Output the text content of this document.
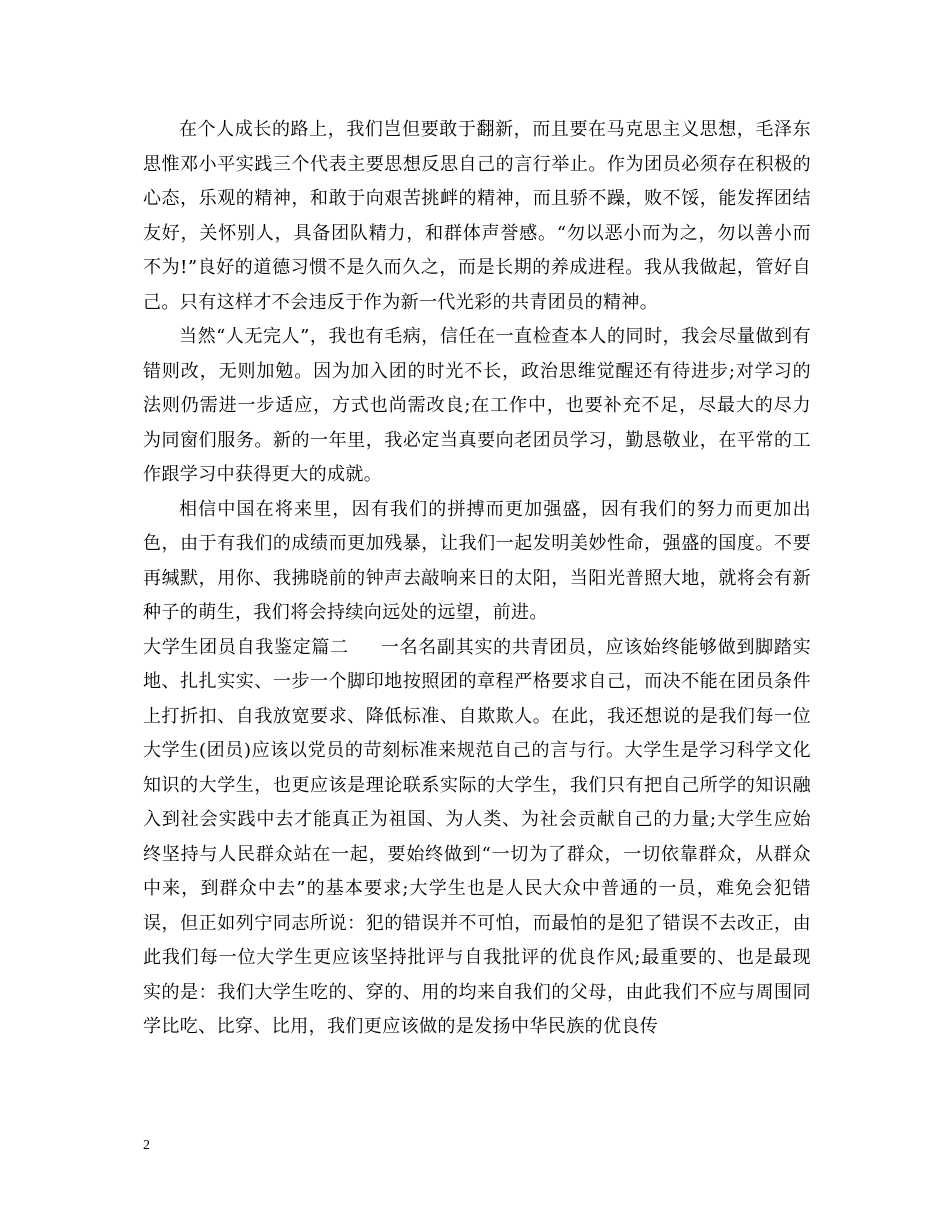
在个人成长的路上，我们岂但要敢于翻新，而且要在马克思主义思想，毛泽东思惟邓小平实践三个代表主要思想反思自己的言行举止。作为团员必须存在积极的心态，乐观的精神，和敢于向艰苦挑衅的精神，而且骄不躁，败不馁，能发挥团结友好，关怀别人，具备团队精力，和群体声誉感。“勿以恶小而为之，勿以善小而不为!”良好的道德习惯不是久而久之，而是长期的养成进程。我从我做起，管好自己。只有这样才不会违反于作为新一代光彩的共青团员的精神。

当然“人无完人”，我也有毛病，信任在一直检查本人的同时，我会尽量做到有错则改，无则加勉。因为加入团的时光不长，政治思维觉醒还有待进步;对学习的法则仍需进一步适应，方式也尚需改良;在工作中，也要补充不足，尽最大的尽力为同窗们服务。新的一年里，我必定当真要向老团员学习，勤恳敬业，在平常的工作跟学习中获得更大的成就。

相信中国在将来里，因有我们的拼搏而更加强盛，因有我们的努力而更加出色，由于有我们的成绩而更加残暴，让我们一起发明美妙性命，强盛的国度。不要再缄默，用你、我拂晓前的钟声去敲响来日的太阳，当阳光普照大地，就将会有新种子的萌生，我们将会持续向远处的远望，前进。

大学生团员自我鉴定篇二 一名名副其实的共青团员，应该始终能够做到脚踏实地、扎扎实实、一步一个脚印地按照团的章程严格要求自己，而决不能在团员条件上打折扣、自我放宽要求、降低标准、自欺欺人。在此，我还想说的是我们每一位大学生(团员)应该以党员的苛刻标准来规范自己的言与行。大学生是学习科学文化知识的大学生，也更应该是理论联系实际的大学生，我们只有把自己所学的知识融入到社会实践中去才能真正为祖国、为人类、为社会贡献自己的力量;大学生应始终坚持与人民群众站在一起，要始终做到“一切为了群众，一切依靠群众，从群众中来，到群众中去”的基本要求;大学生也是人民大众中普通的一员，难免会犯错误，但正如列宁同志所说：犯的错误并不可怕，而最怕的是犯了错误不去改正，由此我们每一位大学生更应该坚持批评与自我批评的优良作风;最重要的、也是最现实的是：我们大学生吃的、穿的、用的均来自我们的父母，由此我们不应与周围同学比吃、比穿、比用，我们更应该做的是发扬中华民族的优良传

2
